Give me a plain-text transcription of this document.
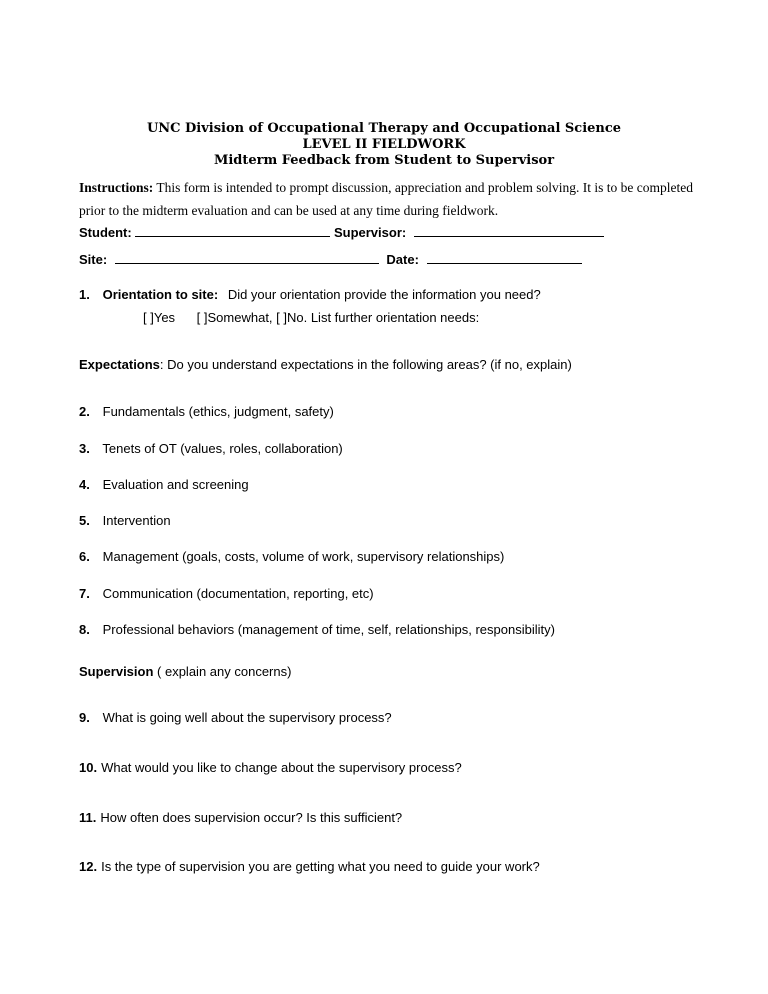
UNC Division of Occupational Therapy and Occupational Science
LEVEL II FIELDWORK
Midterm Feedback from Student to Supervisor
Instructions: This form is intended to prompt discussion, appreciation and problem solving. It is to be completed prior to the midterm evaluation and can be used at any time during fieldwork.
Student:	Supervisor:
Site:	Date:
1. Orientation to site: Did your orientation provide the information you need?
[ ]Yes [ ]Somewhat, [ ]No. List further orientation needs:
Expectations: Do you understand expectations in the following areas? (if no, explain)
2. Fundamentals (ethics, judgment, safety)
3. Tenets of OT (values, roles, collaboration)
4. Evaluation and screening
5. Intervention
6. Management (goals, costs, volume of work, supervisory relationships)
7. Communication (documentation, reporting, etc)
8. Professional behaviors (management of time, self, relationships, responsibility)
Supervision ( explain any concerns)
9. What is going well about the supervisory process?
10. What would you like to change about the supervisory process?
11. How often does supervision occur? Is this sufficient?
12. Is the type of supervision you are getting what you need to guide your work?
